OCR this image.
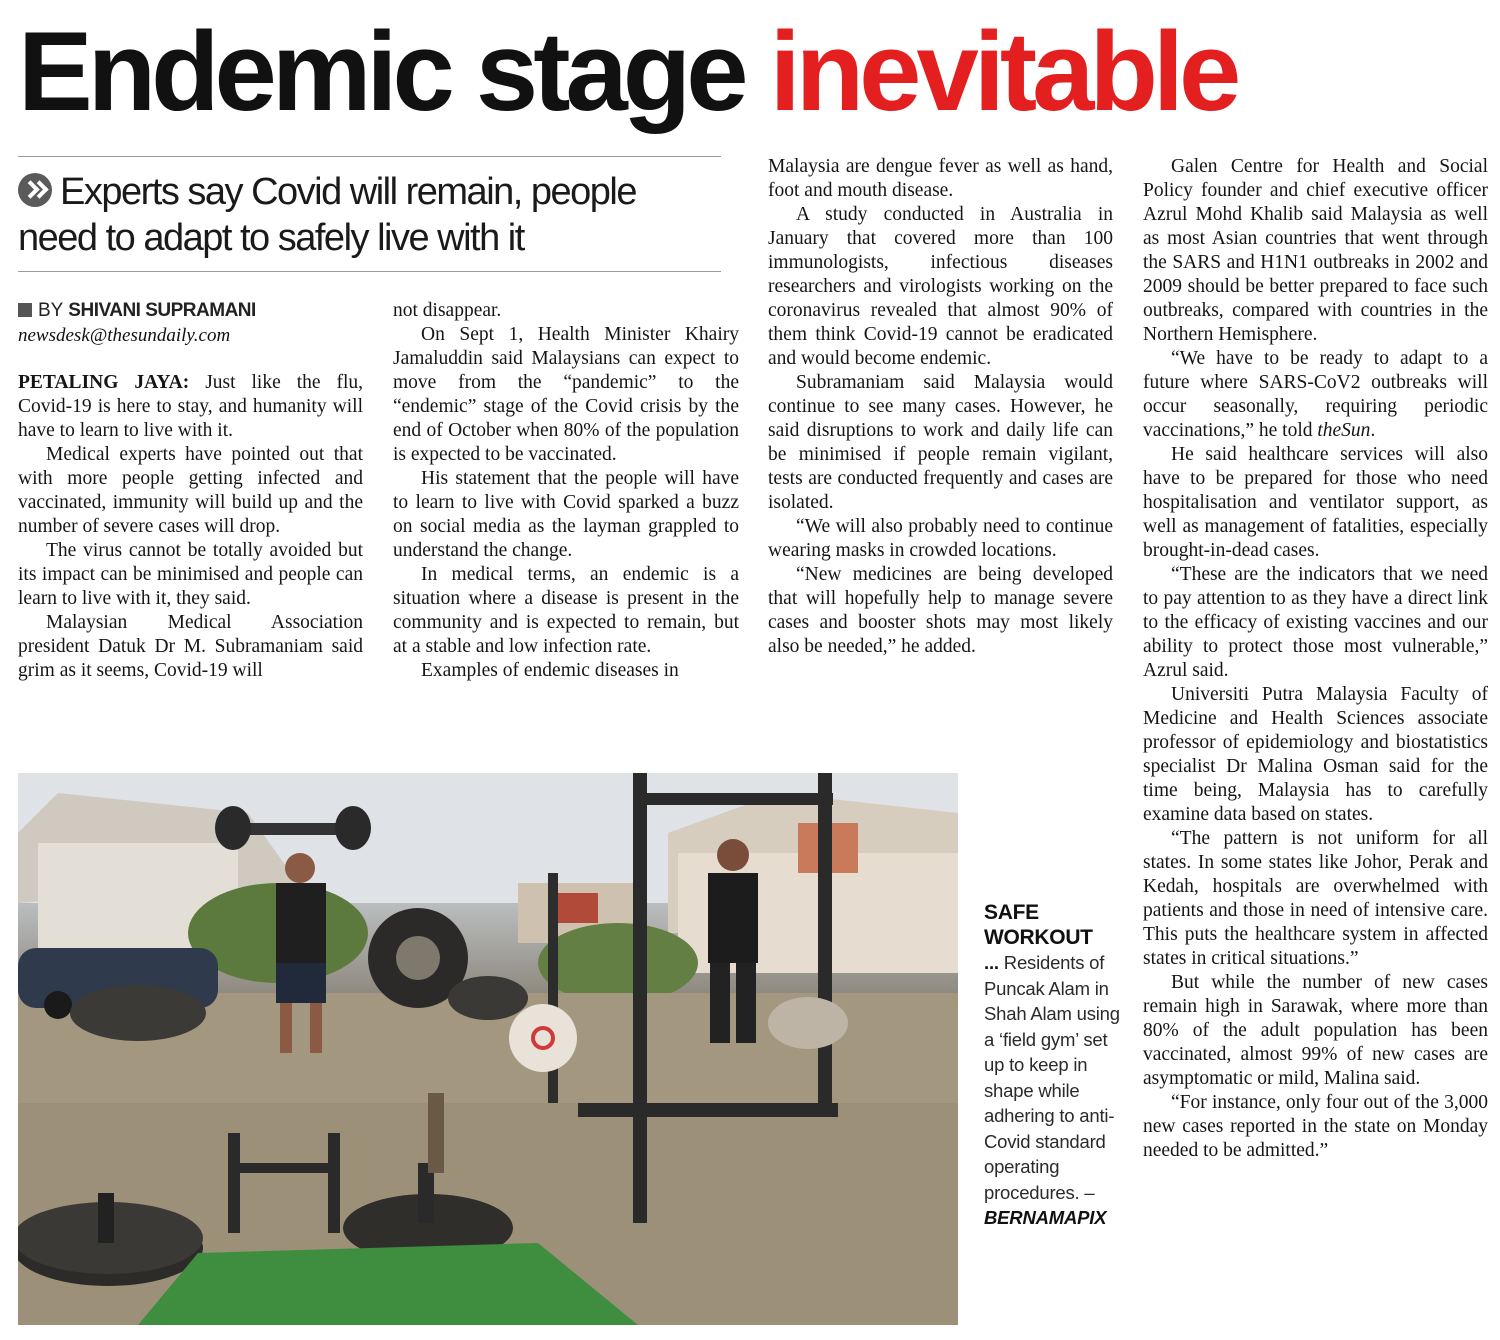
Endemic stage inevitable
Experts say Covid will remain, people need to adapt to safely live with it
BY SHIVANI SUPRAMANI
newsdesk@thesundaily.com

PETALING JAYA: Just like the flu, Covid-19 is here to stay, and humanity will have to learn to live with it.

Medical experts have pointed out that with more people getting infected and vaccinated, immunity will build up and the number of severe cases will drop.

The virus cannot be totally avoided but its impact can be minimised and people can learn to live with it, they said.

Malaysian Medical Association president Datuk Dr M. Subramaniam said grim as it seems, Covid-19 will

not disappear.

On Sept 1, Health Minister Khairy Jamaluddin said Malaysians can expect to move from the “pandemic” to the “endemic” stage of the Covid crisis by the end of October when 80% of the population is expected to be vaccinated.

His statement that the people will have to learn to live with Covid sparked a buzz on social media as the layman grappled to understand the change.

In medical terms, an endemic is a situation where a disease is present in the community and is expected to remain, but at a stable and low infection rate.

Examples of endemic diseases in

Malaysia are dengue fever as well as hand, foot and mouth disease.

A study conducted in Australia in January that covered more than 100 immunologists, infectious diseases researchers and virologists working on the coronavirus revealed that almost 90% of them think Covid-19 cannot be eradicated and would become endemic.

Subramaniam said Malaysia would continue to see many cases. However, he said disruptions to work and daily life can be minimised if people remain vigilant, tests are conducted frequently and cases are isolated.

“We will also probably need to continue wearing masks in crowded locations.

“New medicines are being developed that will hopefully help to manage severe cases and booster shots may most likely also be needed,” he added.

Galen Centre for Health and Social Policy founder and chief executive officer Azrul Mohd Khalib said Malaysia as well as most Asian countries that went through the SARS and H1N1 outbreaks in 2002 and 2009 should be better prepared to face such outbreaks, compared with countries in the Northern Hemisphere.

“We have to be ready to adapt to a future where SARS-CoV2 outbreaks will occur seasonally, requiring periodic vaccinations,” he told theSun.

He said healthcare services will also have to be prepared for those who need hospitalisation and ventilator support, as well as management of fatalities, especially brought-in-dead cases.

“These are the indicators that we need to pay attention to as they have a direct link to the efficacy of existing vaccines and our ability to protect those most vulnerable,” Azrul said.

Universiti Putra Malaysia Faculty of Medicine and Health Sciences associate professor of epidemiology and biostatistics specialist Dr Malina Osman said for the time being, Malaysia has to carefully examine data based on states.

“The pattern is not uniform for all states. In some states like Johor, Perak and Kedah, hospitals are overwhelmed with patients and those in need of intensive care. This puts the healthcare system in affected states in critical situations.”

But while the number of new cases remain high in Sarawak, where more than 80% of the adult population has been vaccinated, almost 99% of new cases are asymptomatic or mild, Malina said.

“For instance, only four out of the 3,000 new cases reported in the state on Monday needed to be admitted.”

SAFE
WORKOUT
... Residents of Puncak Alam in Shah Alam using a ‘field gym’ set up to keep in shape while adhering to anti-Covid standard operating procedures. – BERNAMAPIX
